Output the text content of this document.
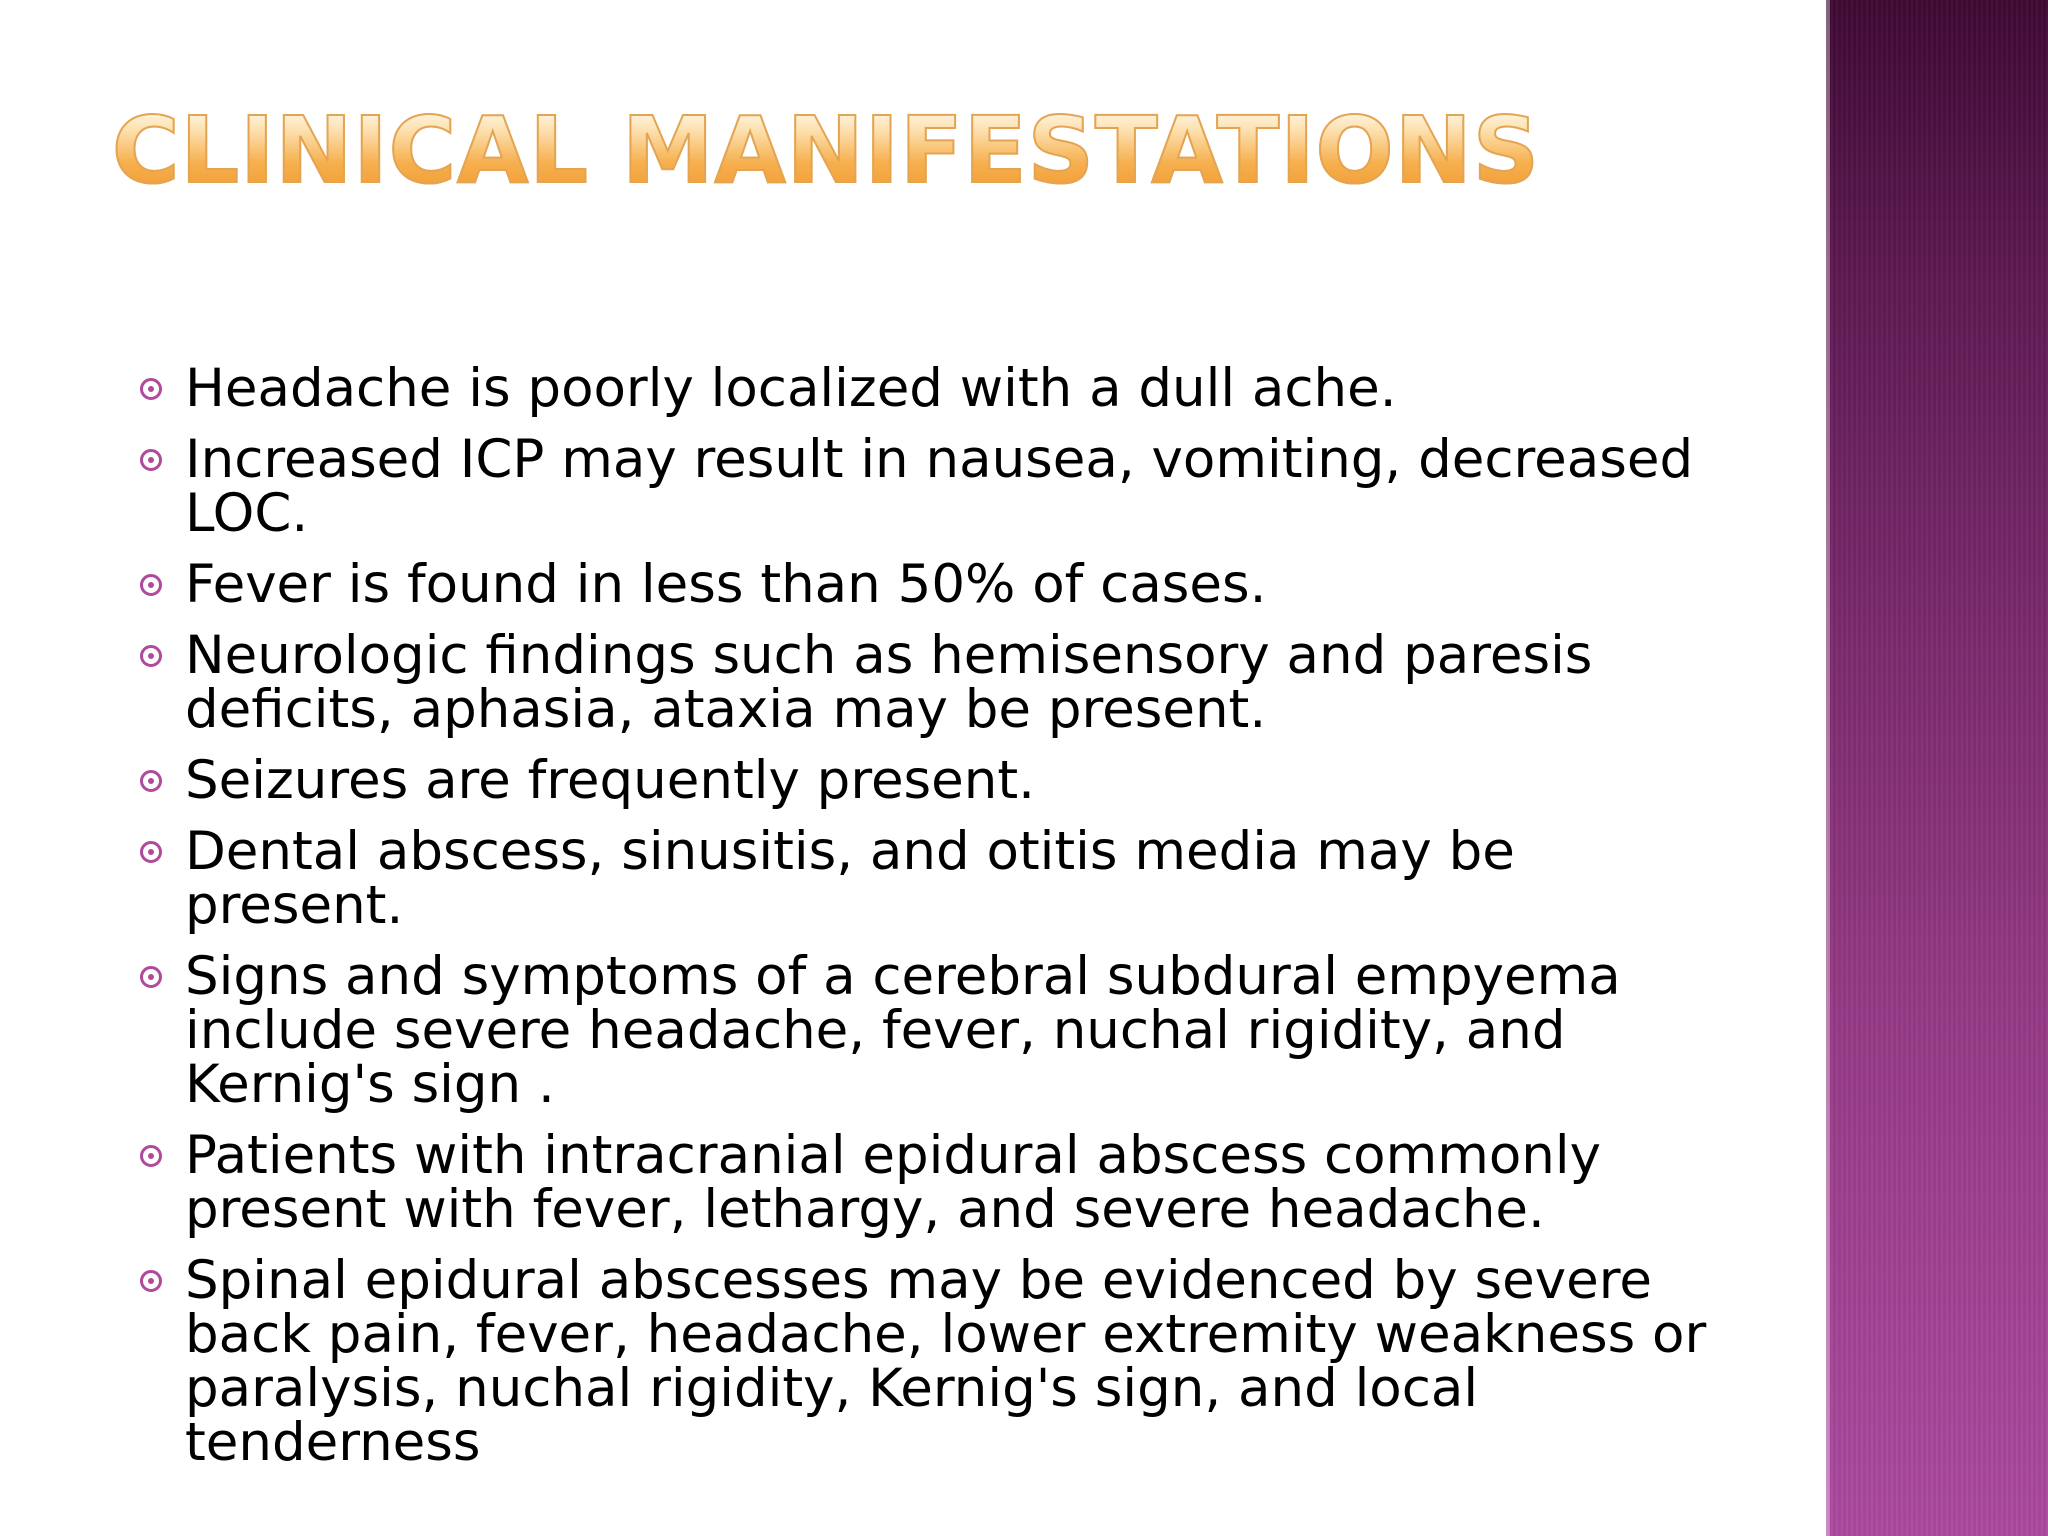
CLINICAL MANIFESTATIONS
Headache is poorly localized with a dull ache.
Increased ICP may result in nausea, vomiting, decreased LOC.
Fever is found in less than 50% of cases.
Neurologic findings such as hemisensory and paresis deficits, aphasia, ataxia may be present.
Seizures are frequently present.
Dental abscess, sinusitis, and otitis media may be present.
Signs and symptoms of a cerebral subdural empyema include severe headache, fever, nuchal rigidity, and Kernig's sign .
Patients with intracranial epidural abscess commonly present with fever, lethargy, and severe headache.
Spinal epidural abscesses may be evidenced by severe back pain, fever, headache, lower extremity weakness or paralysis, nuchal rigidity, Kernig's sign, and local tenderness
